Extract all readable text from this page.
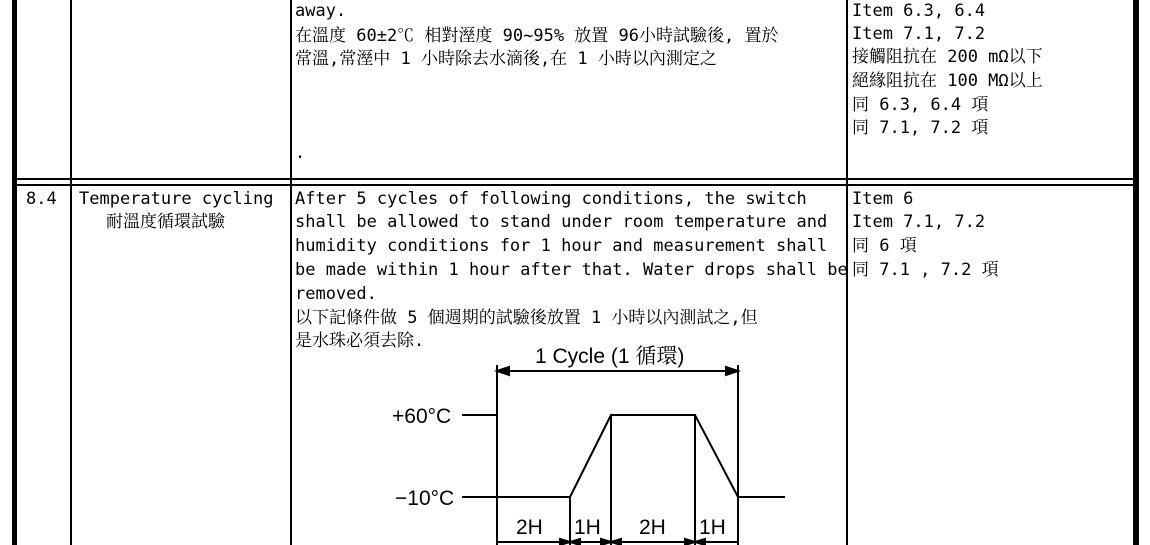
away.
在溫度 60±2℃ 相對溼度 90~95% 放置 96小時試驗後, 置於
常溫,常溼中 1 小時除去水滴後,在 1 小時以內測定之
.
Item 6.3, 6.4
Item 7.1, 7.2
接觸阻抗在 200 mΩ以下
絕緣阻抗在 100 MΩ以上
同 6.3, 6.4 項
同 7.1, 7.2 項
8.4 Temperature cycling
耐溫度循環試驗
After 5 cycles of following conditions, the switch
shall be allowed to stand under room temperature and
humidity conditions for 1 hour and measurement shall
be made within 1 hour after that. Water drops shall be
removed.
以下記條件做 5 個週期的試驗後放置 1 小時以內測試之,但
是水珠必須去除.
Item 6
Item 7.1, 7.2
同 6 項
同 7.1 , 7.2 項
1 Cycle (1 循環)
+60°C
−10°C
2H 1H 2H 1H
